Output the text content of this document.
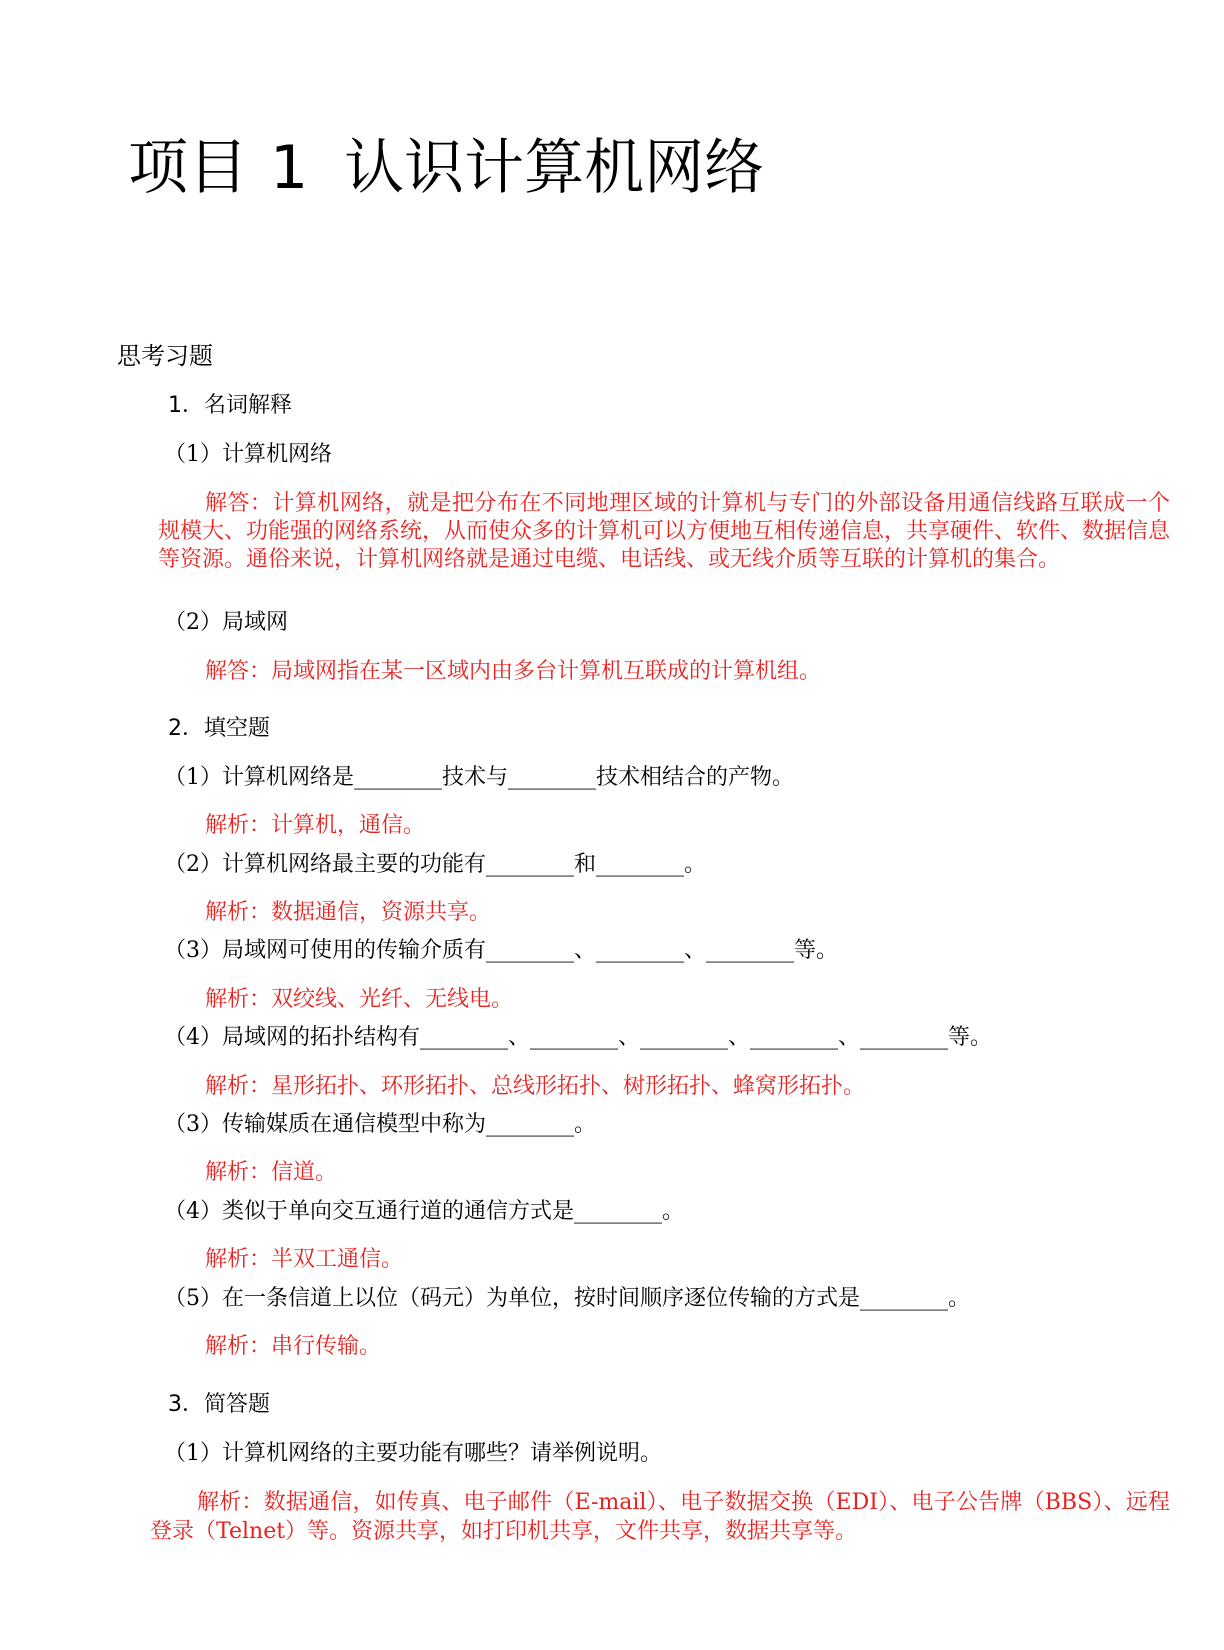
项目 1 认识计算机网络
思考习题
1．名词解释

（1）计算机网络

解答：计算机网络，就是把分布在不同地理区域的计算机与专门的外部设备用通信线路互联成一个规模大、功能强的网络系统，从而使众多的计算机可以方便地互相传递信息，共享硬件、软件、数据信息等资源。通俗来说，计算机网络就是通过电缆、电话线、或无线介质等互联的计算机的集合。

（2）局域网

解答：局域网指在某一区域内由多台计算机互联成的计算机组。

2．填空题

（1）计算机网络是________技术与________技术相结合的产物。

解析：计算机，通信。

（2）计算机网络最主要的功能有________和________。

解析：数据通信，资源共享。

（3）局域网可使用的传输介质有________、________、________等。

解析：双绞线、光纤、无线电。

（4）局域网的拓扑结构有________、________、________、________、________等。

解析：星形拓扑、环形拓扑、总线形拓扑、树形拓扑、蜂窝形拓扑。

（3）传输媒质在通信模型中称为________。

解析：信道。

（4）类似于单向交互通行道的通信方式是________。

解析：半双工通信。

（5）在一条信道上以位（码元）为单位，按时间顺序逐位传输的方式是________。

解析：串行传输。

3．简答题

（1）计算机网络的主要功能有哪些？请举例说明。

解析：数据通信，如传真、电子邮件（E-mail）、电子数据交换（EDI）、电子公告牌（BBS）、远程登录（Telnet）等。资源共享，如打印机共享，文件共享，数据共享等。
